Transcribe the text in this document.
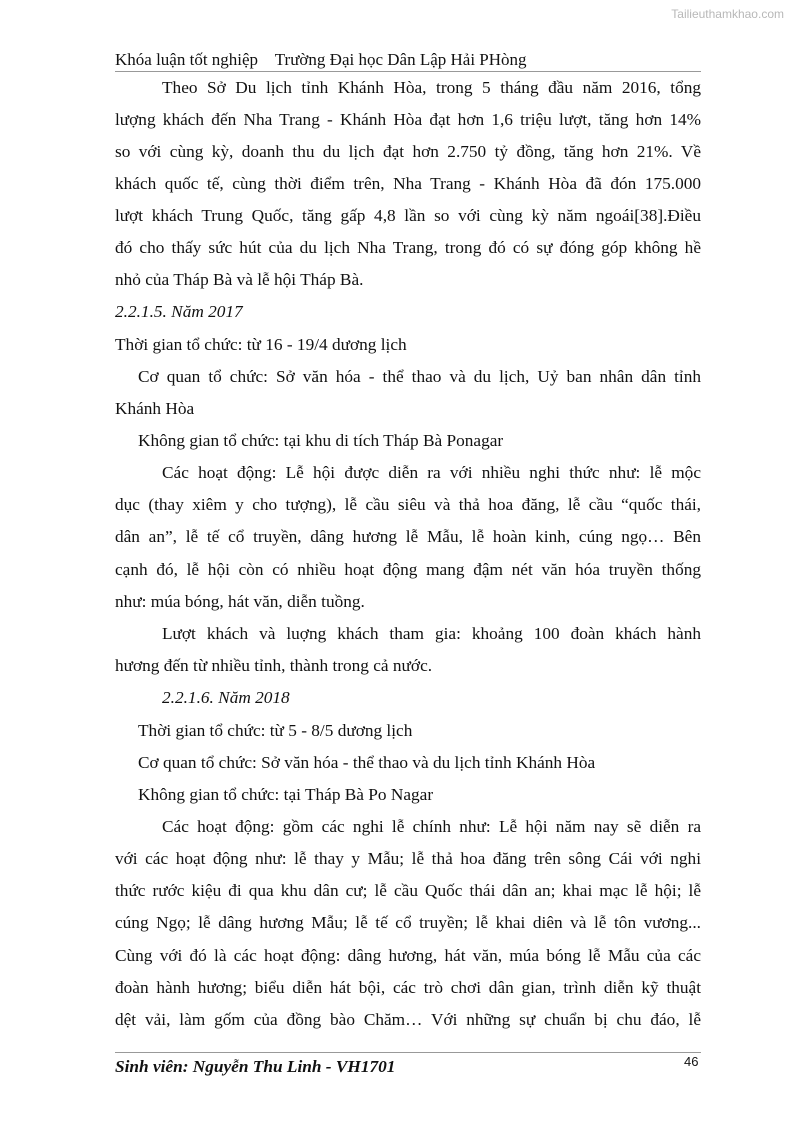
Tailieuthamkhao.com
Khóa luận tốt nghiệp Trường Đại học Dân Lập Hải PHòng
Theo Sở Du lịch tỉnh Khánh Hòa, trong 5 tháng đầu năm 2016, tổng
lượng khách đến Nha Trang - Khánh Hòa đạt hơn 1,6 triệu lượt, tăng hơn 14%
so với cùng kỳ, doanh thu du lịch đạt hơn 2.750 tỷ đồng, tăng hơn 21%. Về
khách quốc tế, cùng thời điểm trên, Nha Trang - Khánh Hòa đã đón 175.000
lượt khách Trung Quốc, tăng gấp 4,8 lần so với cùng kỳ năm ngoái[38].Điều
đó cho thấy sức hút của du lịch Nha Trang, trong đó có sự đóng góp không hề
nhỏ của Tháp Bà và lễ hội Tháp Bà.
2.2.1.5. Năm 2017
Thời gian tổ chức: từ 16 - 19/4 dương lịch
Cơ quan tổ chức: Sở văn hóa - thể thao và du lịch, Uỷ ban nhân dân tỉnh
Khánh Hòa
Không gian tổ chức: tại khu di tích Tháp Bà Ponagar
Các hoạt động: Lễ hội được diễn ra với nhiều nghi thức như: lễ mộc
dục (thay xiêm y cho tượng), lễ cầu siêu và thả hoa đăng, lễ cầu “quốc thái,
dân an”, lễ tế cổ truyền, dâng hương lễ Mẫu, lễ hoàn kinh, cúng ngọ… Bên
cạnh đó, lễ hội còn có nhiều hoạt động mang đậm nét văn hóa truyền thống
như: múa bóng, hát văn, diễn tuồng.
Lượt khách và luợng khách tham gia: khoảng 100 đoàn khách hành
hương đến từ nhiều tỉnh, thành trong cả nước.
2.2.1.6. Năm 2018
Thời gian tổ chức: từ 5 - 8/5 dương lịch
Cơ quan tổ chức: Sở văn hóa - thể thao và du lịch tỉnh Khánh Hòa
Không gian tổ chức: tại Tháp Bà Po Nagar
Các hoạt động: gồm các nghi lễ chính như: Lễ hội năm nay sẽ diễn ra
với các hoạt động như: lễ thay y Mẫu; lễ thả hoa đăng trên sông Cái với nghi
thức rước kiệu đi qua khu dân cư; lễ cầu Quốc thái dân an; khai mạc lễ hội; lễ
cúng Ngọ; lễ dâng hương Mẫu; lễ tế cổ truyền; lễ khai diên và lễ tôn vương...
Cùng với đó là các hoạt động: dâng hương, hát văn, múa bóng lễ Mẫu của các
đoàn hành hương; biểu diễn hát bội, các trò chơi dân gian, trình diễn kỹ thuật
dệt vải, làm gốm của đồng bào Chăm… Với những sự chuẩn bị chu đáo, lễ
Sinh viên: Nguyễn Thu Linh - VH1701	46
